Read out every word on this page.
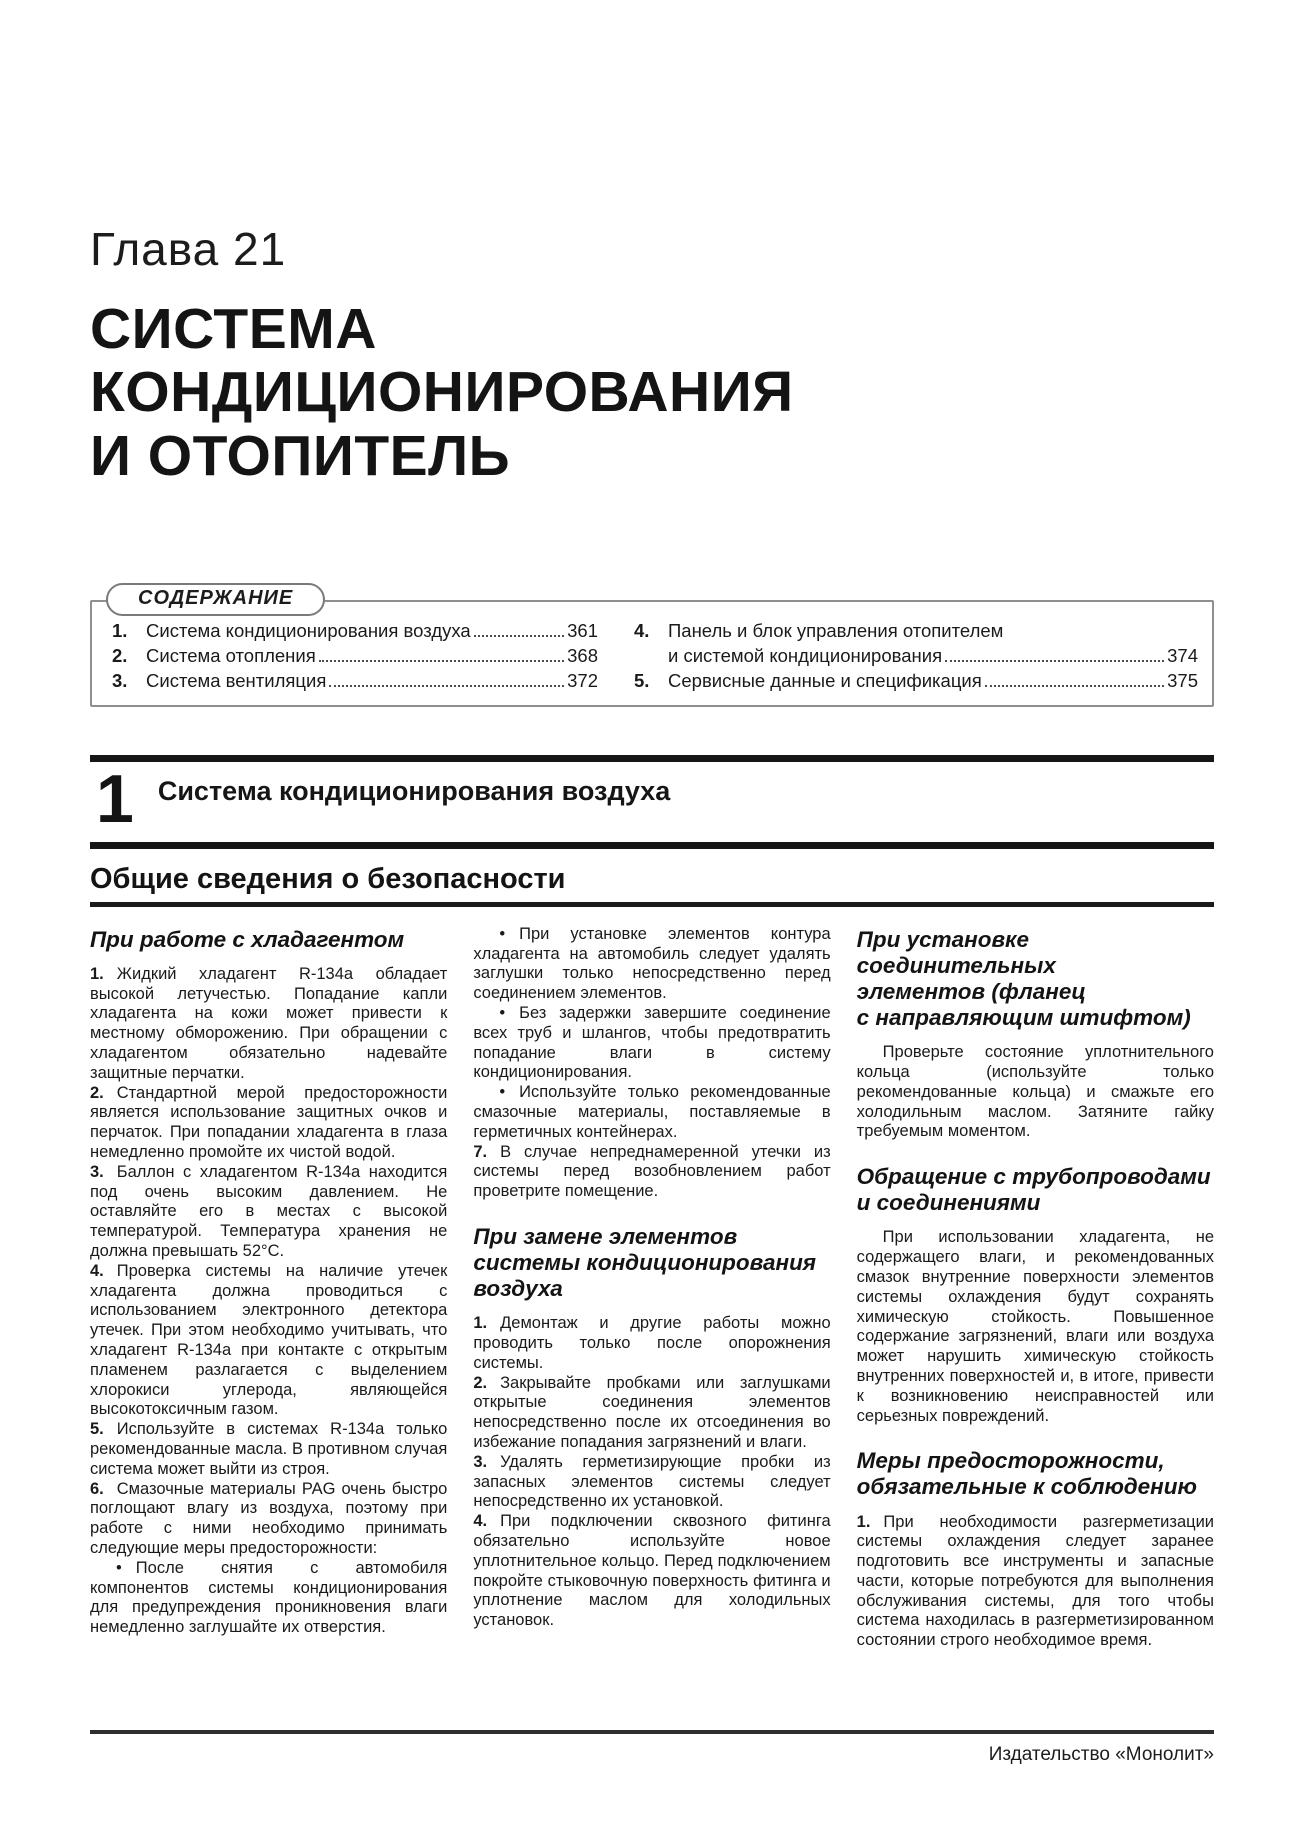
Глава 21
СИСТЕМА
КОНДИЦИОНИРОВАНИЯ
И ОТОПИТЕЛЬ
СОДЕРЖАНИЕ
1.	Система кондиционирования воздуха	361
2.	Система отопления	368
3.	Система вентиляция	372
4.	Панель и блок управления отопителем
и системой кондиционирования	374
5.	Сервисные данные и спецификация	375
1 Система кондиционирования воздуха
Общие сведения о безопасности
При работе с хладагентом

1. Жидкий хладагент R-134a обладает высокой летучестью. Попадание капли хладагента на кожи может привести к местному обморожению. При обращении с хладагентом обязательно надевайте защитные перчатки.

2. Стандартной мерой предосторожности является использование защитных очков и перчаток. При попадании хладагента в глаза немедленно промойте их чистой водой.

3. Баллон с хладагентом R-134a находится под очень высоким давлением. Не оставляйте его в местах с высокой температурой. Температура хранения не должна превышать 52°С.

4. Проверка системы на наличие утечек хладагента должна проводиться с использованием электронного детектора утечек. При этом необходимо учитывать, что хладагент R-134a при контакте с открытым пламенем разлагается с выделением хлорокиси углерода, являющейся высокотоксичным газом.

5. Используйте в системах R-134a только рекомендованные масла. В противном случая система может выйти из строя.

6. Смазочные материалы PAG очень быстро поглощают влагу из воздуха, поэтому при работе с ними необходимо принимать следующие меры предосторожности:

• После снятия с автомобиля компонентов системы кондиционирования для предупреждения проникновения влаги немедленно заглушайте их отверстия.

• При установке элементов контура хладагента на автомобиль следует удалять заглушки только непосредственно перед соединением элементов.

• Без задержки завершите соединение всех труб и шлангов, чтобы предотвратить попадание влаги в систему кондиционирования.

• Используйте только рекомендованные смазочные материалы, поставляемые в герметичных контейнерах.

7. В случае непреднамеренной утечки из системы перед возобновлением работ проветрите помещение.

При замене элементов
системы кондиционирования
воздуха

1. Демонтаж и другие работы можно проводить только после опорожнения системы.

2. Закрывайте пробками или заглушками открытые соединения элементов непосредственно после их отсоединения во избежание попадания загрязнений и влаги.

3. Удалять герметизирующие пробки из запасных элементов системы следует непосредственно их установкой.

4. При подключении сквозного фитинга обязательно используйте новое уплотнительное кольцо. Перед подключением покройте стыковочную поверхность фитинга и уплотнение маслом для холодильных установок.

При установке
соединительных
элементов (фланец
с направляющим штифтом)

Проверьте состояние уплотнительного кольца (используйте только рекомендованные кольца) и смажьте его холодильным маслом. Затяните гайку требуемым моментом.

Обращение с трубопроводами
и соединениями

При использовании хладагента, не содержащего влаги, и рекомендованных смазок внутренние поверхности элементов системы охлаждения будут сохранять химическую стойкость. Повышенное содержание загрязнений, влаги или воздуха может нарушить химическую стойкость внутренних поверхностей и, в итоге, привести к возникновению неисправностей или серьезных повреждений.

Меры предосторожности,
обязательные к соблюдению

1. При необходимости разгерметизации системы охлаждения следует заранее подготовить все инструменты и запасные части, которые потребуются для выполнения обслуживания системы, для того чтобы система находилась в разгерметизированном состоянии строго необходимое время.

Издательство «Монолит»
